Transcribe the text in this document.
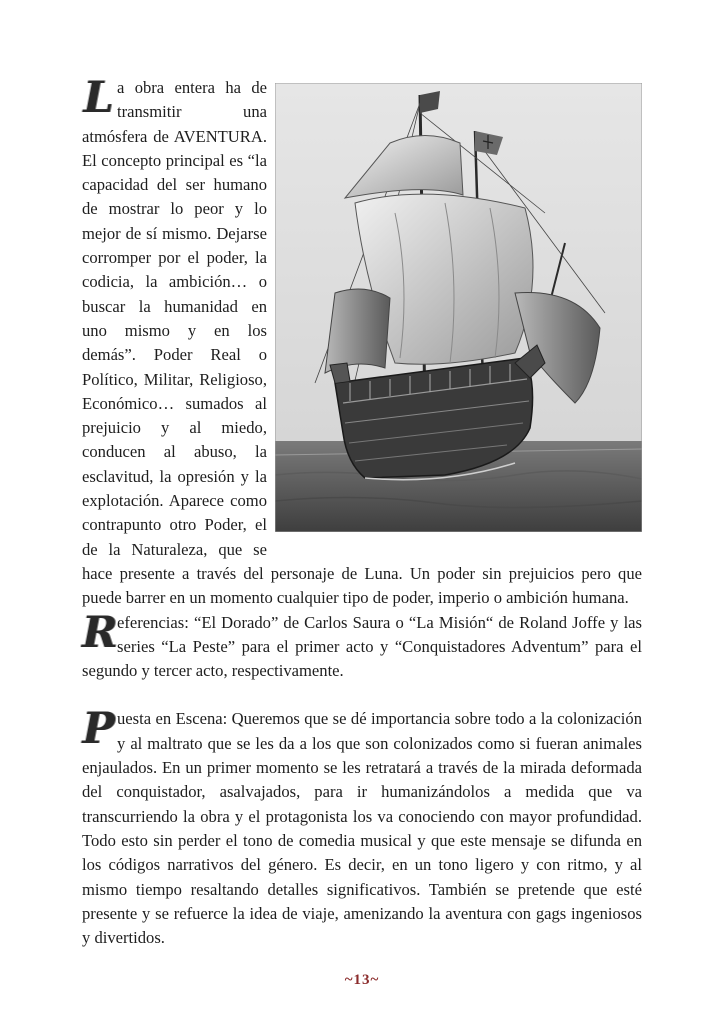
La obra entera ha de transmitir una atmósfera de AVENTURA. El concepto principal es “la capacidad del ser humano de mostrar lo peor y lo mejor de sí mismo. Dejarse corromper por el poder, la codicia, la ambición… o buscar la humanidad en uno mismo y en los demás”. Poder Real o Político, Militar, Religioso, Económico… sumados al prejuicio y al miedo, conducen al abuso, la esclavitud, la opresión y la explotación. Aparece como contrapunto otro Poder, el de la Naturaleza, que se hace presente a través del personaje de Luna. Un poder sin prejuicios pero que puede barrer en un momento cualquier tipo de poder, imperio o ambición humana.

Referencias: “El Dorado” de Carlos Saura o “La Misión“ de Roland Joffe y las series “La Peste” para el primer acto y “Conquistadores Adventum” para el segundo y tercer acto, respectivamente.

Puesta en Escena: Queremos que se dé importancia sobre todo a la colonización y al maltrato que se les da a los que son colonizados como si fueran animales enjaulados. En un primer momento se les retratará a través de la mirada deformada del conquistador, asalvajados, para ir humanizándolos a medida que va transcurriendo la obra y el protagonista los va conociendo con mayor profundidad. Todo esto sin perder el tono de comedia musical y que este mensaje se difunda en los códigos narrativos del género. Es decir, en un tono ligero y con ritmo, y al mismo tiempo resaltando detalles significativos. También se pretende que esté presente y se refuerce la idea de viaje, amenizando la aventura con gags ingeniosos y divertidos.

~13~
